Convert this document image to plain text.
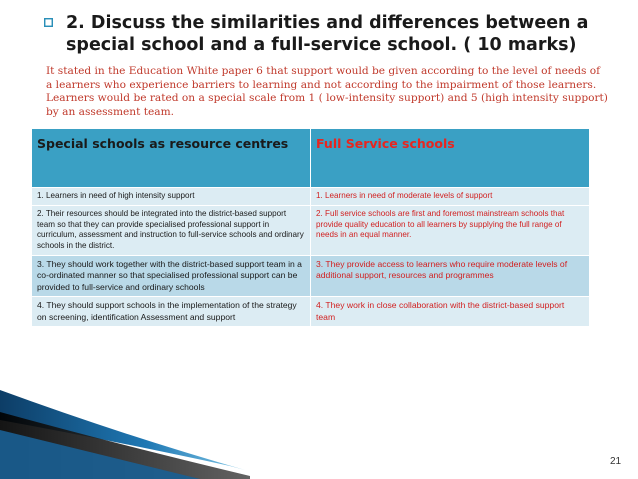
2. Discuss the similarities and differences between a special school and a full-service school. ( 10 marks)

It stated in the Education White paper 6 that support would be given according to the level of needs of a learners who experience barriers to learning and not according to the impairment of those learners. Learners would be rated on a special scale from 1 ( low-intensity support) and 5 (high intensity support) by an assessment team.

Special schools as resource centres	Full Service schools
1. Learners in need of high intensity support	1. Learners in need of moderate levels of support
2. Their resources should be integrated into the district-based support team so that they can provide specialised professional support in curriculum, assessment and instruction to full-service schools and ordinary schools in the district.	2. Full service schools are first and foremost mainstream schools that provide quality education to all learners by supplying the full range of needs in an equal manner.
3. They should work together with the district-based support team in a co-ordinated manner so that specialised professional support can be provided to full-service and ordinary schools	3. They provide access to learners who require moderate levels of additional support, resources and programmes
4. They should support schools in the implementation of the strategy on screening, identification Assessment and support	4. They work in close collaboration with the district-based support team
21
